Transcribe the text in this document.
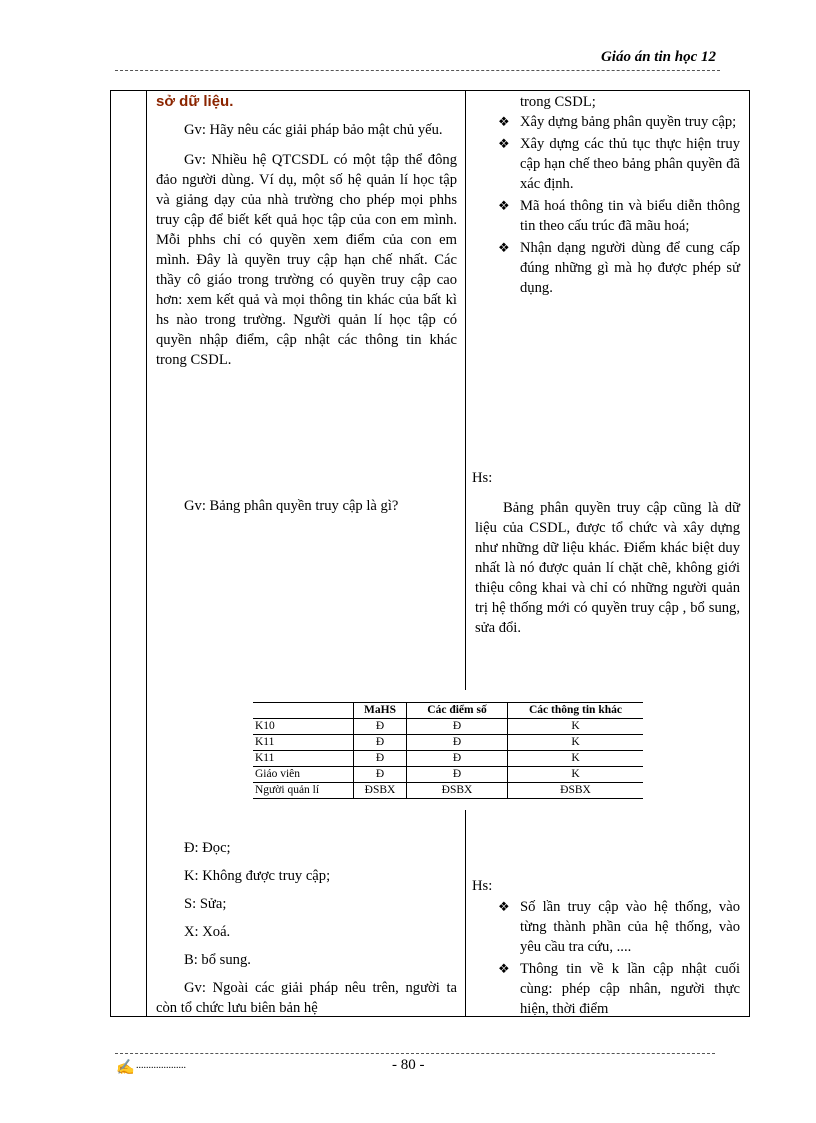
Giáo án tin học 12

sở dữ liệu.

Gv: Hãy nêu các giải pháp bảo mật chủ yếu.

Gv: Nhiều hệ QTCSDL có một tập thể đông đảo người dùng. Ví dụ, một số hệ quản lí học tập và giảng dạy của nhà trường cho phép mọi phhs truy cập để biết kết quả học tập của con em mình. Mỗi phhs chỉ có quyền xem điểm của con em mình. Đây là quyền truy cập hạn chế nhất. Các thầy cô giáo trong trường có quyền truy cập cao hơn: xem kết quả và mọi thông tin khác của bất kì hs nào trong trường. Người quản lí học tập có quyền nhập điểm, cập nhật các thông tin khác trong CSDL.

Gv: Bảng phân quyền truy cập là gì?

trong CSDL;
❖ Xây dựng bảng phân quyền truy cập;
❖ Xây dựng các thủ tục thực hiện truy cập hạn chế theo bảng phân quyền đã xác định.
❖ Mã hoá thông tin và biểu diễn thông tin theo cấu trúc đã mãu hoá;
❖ Nhận dạng người dùng để cung cấp đúng những gì mà họ được phép sử dụng.
Hs:

Bảng phân quyền truy cập cũng là dữ liệu của CSDL, được tổ chức và xây dựng như những dữ liệu khác. Điểm khác biệt duy nhất là nó được quản lí chặt chẽ, không giới thiệu công khai và chỉ có những người quản trị hệ thống mới có quyền truy cập , bổ sung, sửa đổi.

	MaHS	Các điểm số	Các thông tin khác
K10	Đ	Đ	K
K11	Đ	Đ	K
K11	Đ	Đ	K
Giáo viên	Đ	Đ	K
Người quản lí	ĐSBX	ĐSBX	ĐSBX
Đ: Đọc;
K: Không được truy cập;
S: Sửa;
X: Xoá.
B: bổ sung.
Gv: Ngoài các giải pháp nêu trên, người ta còn tổ chức lưu biên bản hệ
Hs:
❖ Số lần truy cập vào hệ thống, vào từng thành phần của hệ thống, vào yêu cầu tra cứu, ....
❖ Thông tin về k lần cập nhật cuối cùng: phép cập nhân, người thực hiện, thời điểm
✍ ....................	- 80 -
